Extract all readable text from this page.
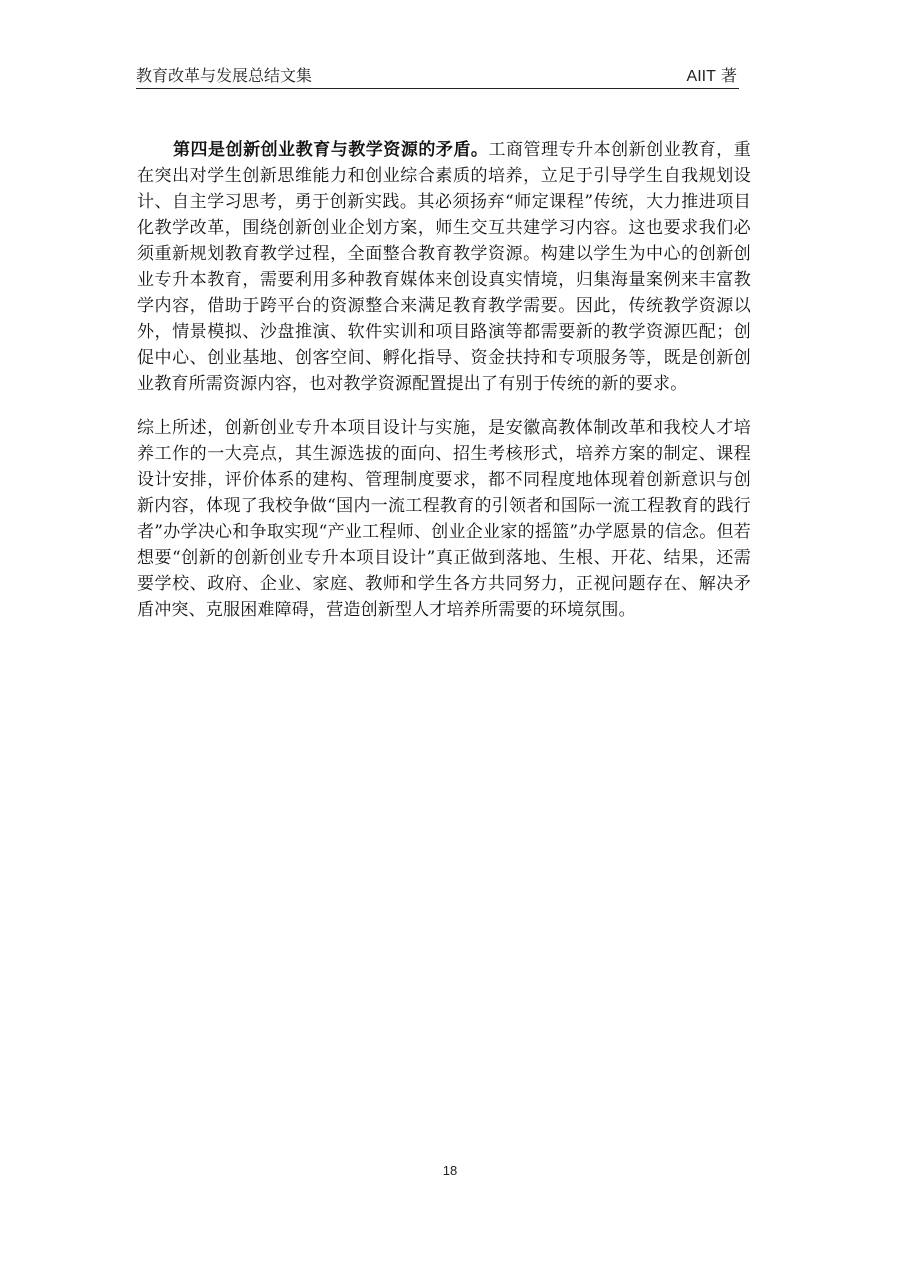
教育改革与发展总结文集	AIIT 著

第四是创新创业教育与教学资源的矛盾。工商管理专升本创新创业教育，重在突出对学生创新思维能力和创业综合素质的培养，立足于引导学生自我规划设计、自主学习思考，勇于创新实践。其必须扬弃“师定课程”传统，大力推进项目化教学改革，围绕创新创业企划方案，师生交互共建学习内容。这也要求我们必须重新规划教育教学过程，全面整合教育教学资源。构建以学生为中心的创新创业专升本教育，需要利用多种教育媒体来创设真实情境，归集海量案例来丰富教学内容，借助于跨平台的资源整合来满足教育教学需要。因此，传统教学资源以外，情景模拟、沙盘推演、软件实训和项目路演等都需要新的教学资源匹配；创促中心、创业基地、创客空间、孵化指导、资金扶持和专项服务等，既是创新创业教育所需资源内容，也对教学资源配置提出了有别于传统的新的要求。

综上所述，创新创业专升本项目设计与实施，是安徽高教体制改革和我校人才培养工作的一大亮点，其生源选拔的面向、招生考核形式，培养方案的制定、课程设计安排，评价体系的建构、管理制度要求，都不同程度地体现着创新意识与创新内容，体现了我校争做“国内一流工程教育的引领者和国际一流工程教育的践行者”办学决心和争取实现“产业工程师、创业企业家的摇篮”办学愿景的信念。但若想要“创新的创新创业专升本项目设计”真正做到落地、生根、开花、结果，还需要学校、政府、企业、家庭、教师和学生各方共同努力，正视问题存在、解决矛盾冲突、克服困难障碍，营造创新型人才培养所需要的环境氛围。

18
